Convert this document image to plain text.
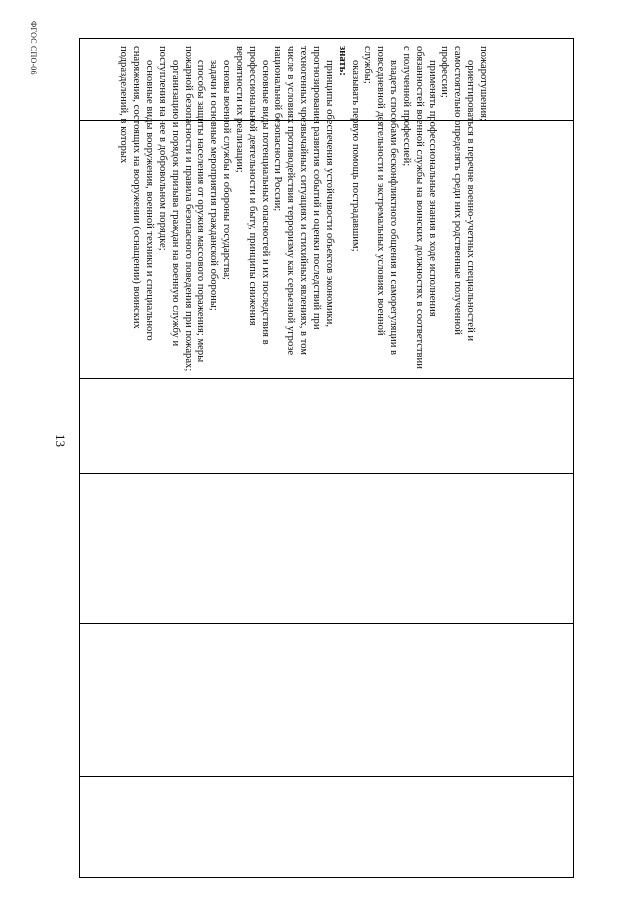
13
ФГОС СПО-06	пожаротушения;

ориентироваться в перечне военно-учетных специальностей и самостоятельно определять среди них родственные полученной профессии;

применять профессиональные знания в ходе исполнения обязанностей военной службы на воинских должностях в соответствии с полученной профессией;

владеть способами бесконфликтного общения и саморегуляции в повседневной деятельности и экстремальных условиях военной службы;

оказывать первую помощь пострадавшим;

знать:

принципы обеспечения устойчивости объектов экономики, прогнозирования развития событий и оценки последствий при техногенных чрезвычайных ситуациях и стихийных явлениях, в том числе в условиях противодействия терроризму как серьезной угрозе национальной безопасности России;

основные виды потенциальных опасностей и их последствия в профессиональной деятельности и быту, принципы снижения вероятности их реализации;

основы военной службы и обороны государства;

задачи и основные мероприятия гражданской обороны;

способы защиты населения от оружия массового поражения; меры пожарной безопасности и правила безопасного поведения при пожарах;

организацию и порядок призыва граждан на военную службу и поступления на нее в добровольном порядке;

основные виды вооружения, военной техники и специального снаряжения, состоящих на вооружении (оснащении) воинских подразделений, в которых
